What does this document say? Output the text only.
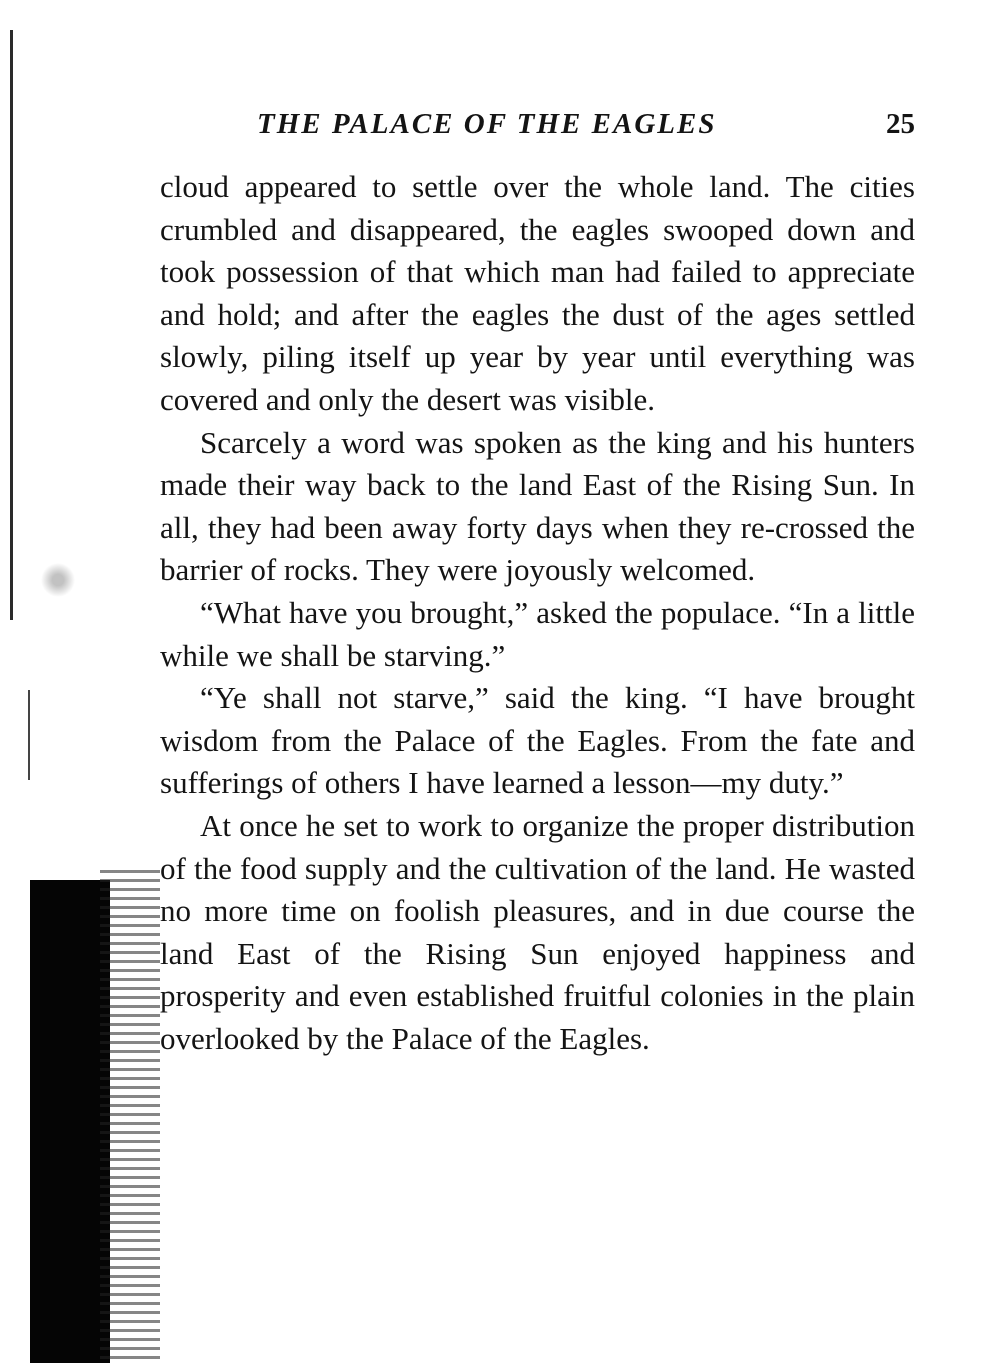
THE PALACE OF THE EAGLES	25

cloud appeared to settle over the whole land. The cities crumbled and disappeared, the eagles swooped down and took possession of that which man had failed to appreciate and hold; and after the eagles the dust of the ages settled slowly, piling itself up year by year until everything was covered and only the desert was visible.

Scarcely a word was spoken as the king and his hunters made their way back to the land East of the Rising Sun. In all, they had been away forty days when they re-crossed the barrier of rocks. They were joyously welcomed.

“What have you brought,” asked the populace. “In a little while we shall be starving.”

“Ye shall not starve,” said the king. “I have brought wisdom from the Palace of the Eagles. From the fate and sufferings of others I have learned a lesson—my duty.”

At once he set to work to organize the proper distribution of the food supply and the cultivation of the land. He wasted no more time on foolish pleasures, and in due course the land East of the Rising Sun enjoyed happiness and prosperity and even established fruitful colonies in the plain overlooked by the Palace of the Eagles.
